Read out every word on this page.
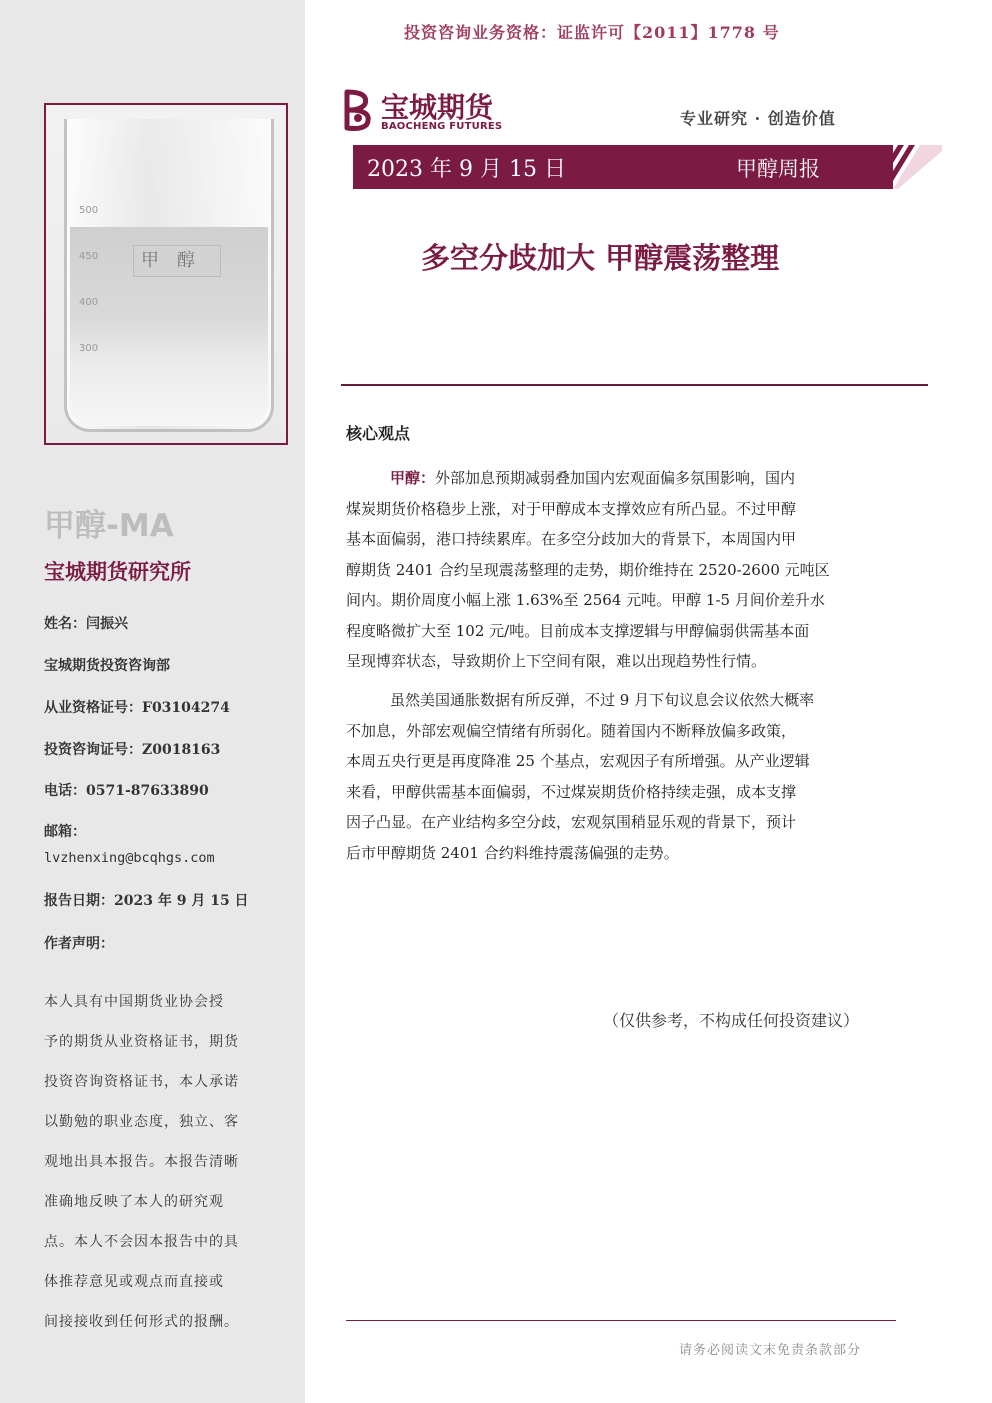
500
450
400
300
甲醇
甲醇-MA
宝城期货研究所
姓名：闫振兴
宝城期货投资咨询部
从业资格证号：F03104274
投资咨询证号：Z0018163
电话：0571-87633890
邮箱：
lvzhenxing@bcqhgs.com
报告日期：2023 年 9 月 15 日
作者声明：
本人具有中国期货业协会授
予的期货从业资格证书，期货
投资咨询资格证书，本人承诺
以勤勉的职业态度，独立、客
观地出具本报告。本报告清晰
准确地反映了本人的研究观
点。本人不会因本报告中的具
体推荐意见或观点而直接或
间接接收到任何形式的报酬。
投资咨询业务资格：证监许可【2011】1778 号
宝城期货
BAOCHENG FUTURES	专业研究 · 创造价值
2023 年 9 月 15 日	甲醇周报
多空分歧加大 甲醇震荡整理
核心观点
甲醇：外部加息预期减弱叠加国内宏观面偏多氛围影响，国内
煤炭期货价格稳步上涨，对于甲醇成本支撑效应有所凸显。不过甲醇
基本面偏弱，港口持续累库。在多空分歧加大的背景下，本周国内甲
醇期货 2401 合约呈现震荡整理的走势，期价维持在 2520-2600 元吨区
间内。期价周度小幅上涨 1.63%至 2564 元吨。甲醇 1-5 月间价差升水
程度略微扩大至 102 元/吨。目前成本支撑逻辑与甲醇偏弱供需基本面
呈现博弈状态，导致期价上下空间有限，难以出现趋势性行情。
虽然美国通胀数据有所反弹，不过 9 月下旬议息会议依然大概率
不加息，外部宏观偏空情绪有所弱化。随着国内不断释放偏多政策，
本周五央行更是再度降准 25 个基点，宏观因子有所增强。从产业逻辑
来看，甲醇供需基本面偏弱，不过煤炭期货价格持续走强，成本支撑
因子凸显。在产业结构多空分歧，宏观氛围稍显乐观的背景下，预计
后市甲醇期货 2401 合约料维持震荡偏强的走势。
（仅供参考，不构成任何投资建议）
请务必阅读文末免责条款部分
